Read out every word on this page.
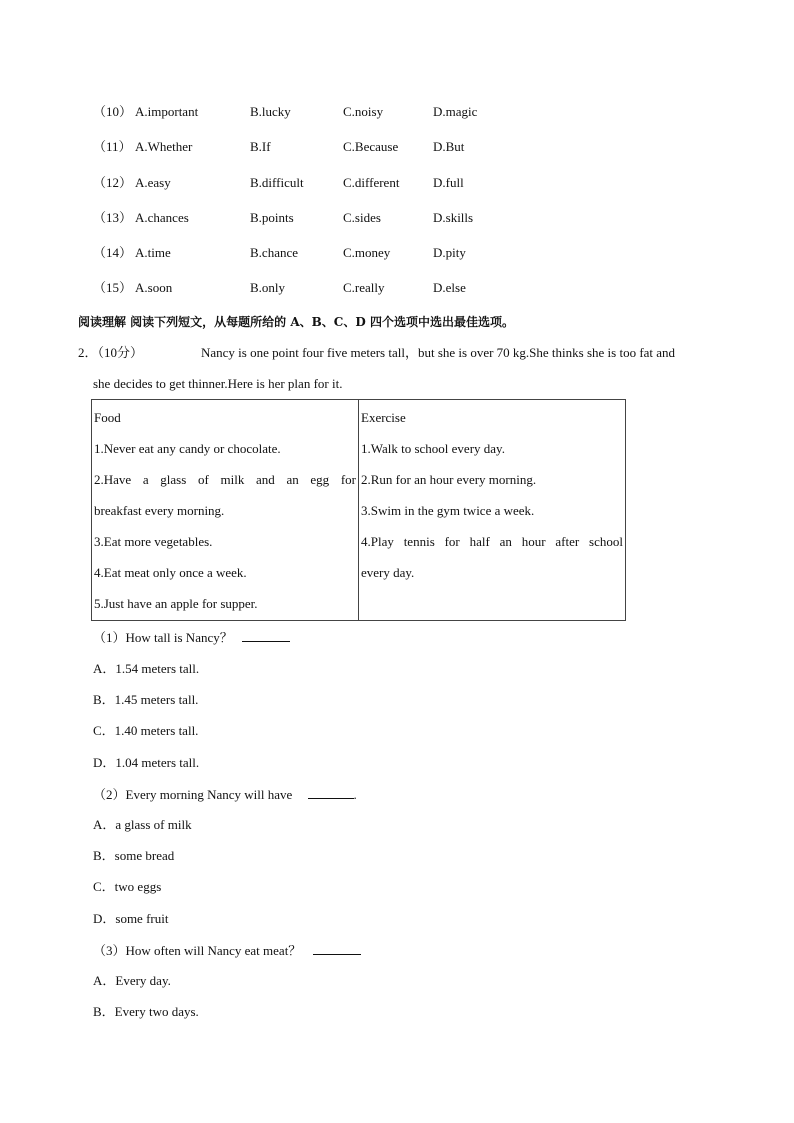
（10） A.important	B.lucky	C.noisy	D.magic
（11） A.Whether	B.If	C.Because	D.But
（12） A.easy	B.difficult	C.different	D.full
（13） A.chances	B.points	C.sides	D.skills
（14） A.time	B.chance	C.money	D.pity
（15） A.soon	B.only	C.really	D.else
阅读理解 阅读下列短文，从每题所给的 A、B、C、D 四个选项中选出最佳选项。
2．（10分）	Nancy is one point four five meters tall，but she is over 70 kg.She thinks she is too fat and
she decides to get thinner.Here is her plan for it.
Food
1.Never eat any candy or chocolate.
2.Have a glass of milk and an egg for
breakfast every morning.
3.Eat more vegetables.
4.Eat meat only once a week.
5.Just have an apple for supper.

Exercise
1.Walk to school every day.
2.Run for an hour every morning.
3.Swim in the gym twice a week.
4.Play tennis for half an hour after school
every day.
（1）How tall is Nancy？
A．1.54 meters tall.
B．1.45 meters tall.
C．1.40 meters tall.
D．1.04 meters tall.
（2）Every morning Nancy will have	.
A．a glass of milk
B．some bread
C．two eggs
D．some fruit
（3）How often will Nancy eat meat？
A．Every day.
B．Every two days.
